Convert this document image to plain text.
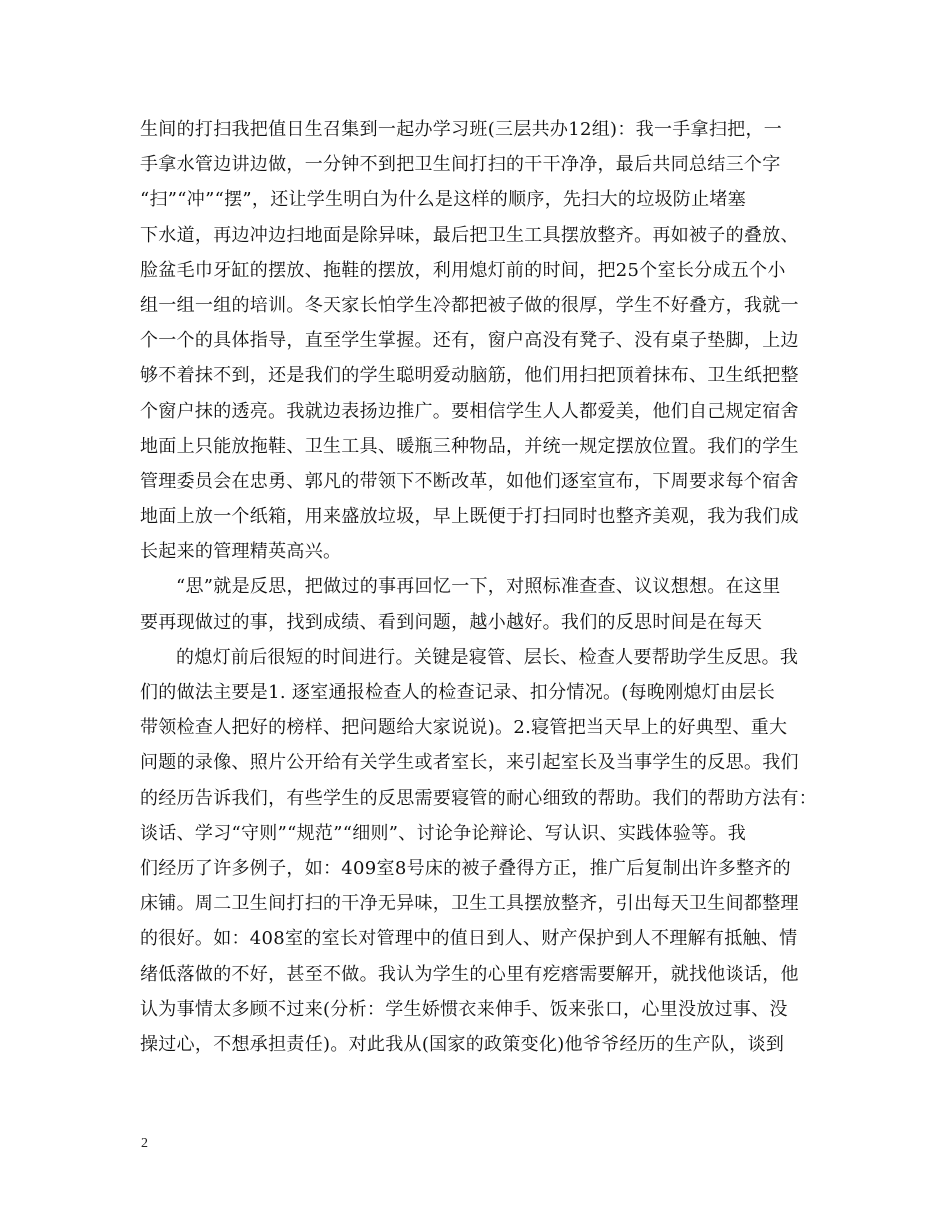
生间的打扫我把值日生召集到一起办学习班(三层共办12组)：我一手拿扫把，一
手拿水管边讲边做，一分钟不到把卫生间打扫的干干净净，最后共同总结三个字
“扫”“冲”“摆”，还让学生明白为什么是这样的顺序，先扫大的垃圾防止堵塞
下水道，再边冲边扫地面是除异味，最后把卫生工具摆放整齐。再如被子的叠放、
脸盆毛巾牙缸的摆放、拖鞋的摆放，利用熄灯前的时间，把25个室长分成五个小
组一组一组的培训。冬天家长怕学生冷都把被子做的很厚，学生不好叠方，我就一
个一个的具体指导，直至学生掌握。还有，窗户高没有凳子、没有桌子垫脚，上边
够不着抹不到，还是我们的学生聪明爱动脑筋，他们用扫把顶着抹布、卫生纸把整
个窗户抹的透亮。我就边表扬边推广。要相信学生人人都爱美，他们自己规定宿舍
地面上只能放拖鞋、卫生工具、暖瓶三种物品，并统一规定摆放位置。我们的学生
管理委员会在忠勇、郭凡的带领下不断改革，如他们逐室宣布，下周要求每个宿舍
地面上放一个纸箱，用来盛放垃圾，早上既便于打扫同时也整齐美观，我为我们成
长起来的管理精英高兴。
“思”就是反思，把做过的事再回忆一下，对照标准查查、议议想想。在这里
要再现做过的事，找到成绩、看到问题，越小越好。我们的反思时间是在每天
的熄灯前后很短的时间进行。关键是寝管、层长、检查人要帮助学生反思。我
们的做法主要是1. 逐室通报检查人的检查记录、扣分情况。(每晚刚熄灯由层长
带领检查人把好的榜样、把问题给大家说说)。2.寝管把当天早上的好典型、重大
问题的录像、照片公开给有关学生或者室长，来引起室长及当事学生的反思。我们
的经历告诉我们，有些学生的反思需要寝管的耐心细致的帮助。我们的帮助方法有：
谈话、学习“守则”“规范”“细则”、讨论争论辩论、写认识、实践体验等。我
们经历了许多例子，如：409室8号床的被子叠得方正，推广后复制出许多整齐的
床铺。周二卫生间打扫的干净无异味，卫生工具摆放整齐，引出每天卫生间都整理
的很好。如：408室的室长对管理中的值日到人、财产保护到人不理解有抵触、情
绪低落做的不好，甚至不做。我认为学生的心里有疙瘩需要解开，就找他谈话，他
认为事情太多顾不过来(分析：学生娇惯衣来伸手、饭来张口，心里没放过事、没
操过心，不想承担责任)。对此我从(国家的政策变化)他爷爷经历的生产队，谈到
2
